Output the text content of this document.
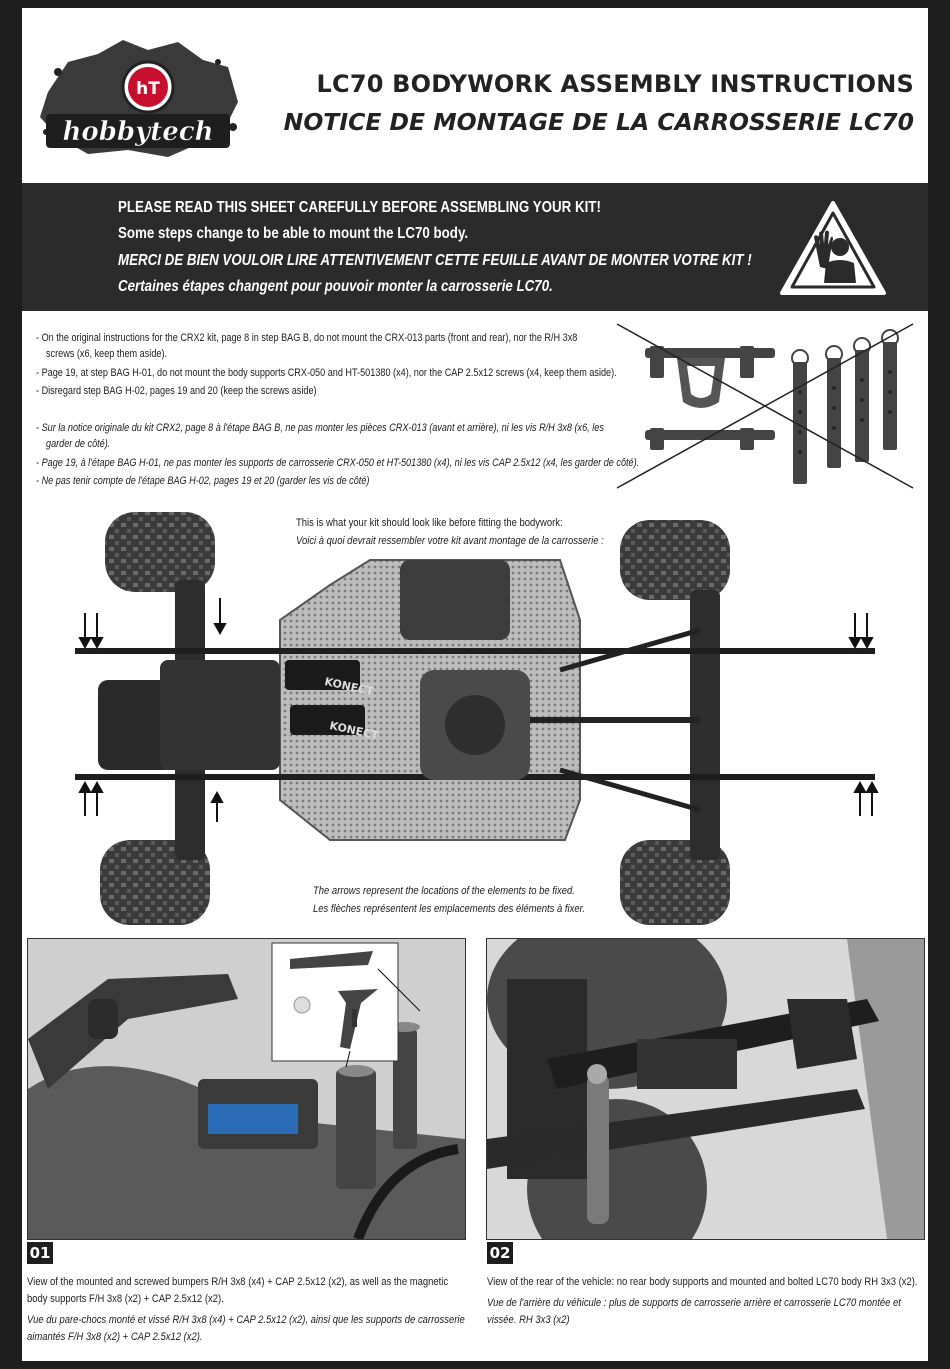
hT
hobbytech
LC70 BODYWORK ASSEMBLY INSTRUCTIONS
NOTICE DE MONTAGE DE LA CARROSSERIE LC70
PLEASE READ THIS SHEET CAREFULLY BEFORE ASSEMBLING YOUR KIT!
Some steps change to be able to mount the LC70 body.
MERCI DE BIEN VOULOIR LIRE ATTENTIVEMENT CETTE FEUILLE AVANT DE MONTER VOTRE KIT !
Certaines étapes changent pour pouvoir monter la carrosserie LC70.
- On the original instructions for the CRX2 kit, page 8 in step BAG B, do not mount the CRX-013 parts (front and rear), nor the R/H 3x8
screws (x6, keep them aside).
- Page 19, at step BAG H-01, do not mount the body supports CRX-050 and HT-501380 (x4), nor the CAP 2.5x12 screws (x4, keep them aside).
- Disregard step BAG H-02, pages 19 and 20 (keep the screws aside)
- Sur la notice originale du kit CRX2, page 8 à l'étape BAG B, ne pas monter les pièces CRX-013 (avant et arrière), ni les vis R/H 3x8 (x6, les
garder de côté).
- Page 19, à l'étape BAG H-01, ne pas monter les supports de carrosserie CRX-050 et HT-501380 (x4), ni les vis CAP 2.5x12 (x4, les garder de côté).
- Ne pas tenir compte de l'étape BAG H-02, pages 19 et 20 (garder les vis de côté)
This is what your kit should look like before fitting the bodywork:
Voici à quoi devrait ressembler votre kit avant montage de la carrosserie :
KONECT
KONECT
The arrows represent the locations of the elements to be fixed.
Les flèches représentent les emplacements des éléments à fixer.
01
View of the mounted and screwed bumpers R/H 3x8 (x4) + CAP 2.5x12 (x2), as well as the magnetic
body supports F/H 3x8 (x2) + CAP 2.5x12 (x2).
Vue du pare-chocs monté et vissé R/H 3x8 (x4) + CAP 2.5x12 (x2), ainsi que les supports de carrosserie
aimantés F/H 3x8 (x2) + CAP 2.5x12 (x2).
02
View of the rear of the vehicle: no rear body supports and mounted and bolted LC70 body RH 3x3 (x2).
Vue de l'arrière du véhicule : plus de supports de carrosserie arrière et carrosserie LC70 montée et
vissée. RH 3x3 (x2)
